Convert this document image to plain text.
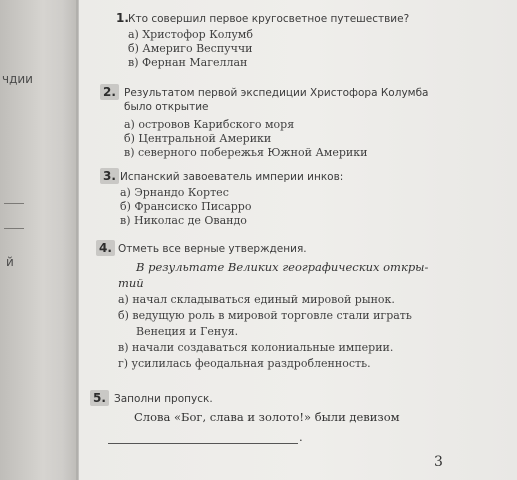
чдии
й
1. Кто совершил первое кругосветное путешествие?
а) Христофор Колумб
б) Америго Веспуччи
в) Фернан Магеллан
2. Результатом первой экспедиции Христофора Колумба
было открытие
а) островов Карибского моря
б) Центральной Америки
в) северного побережья Южной Америки
3. Испанский завоеватель империи инков:
а) Эрнандо Кортес
б) Франсиско Писарро
в) Николас де Овандо
4. Отметь все верные утверждения.
В результате Великих географических откры-
тий
а) начал складываться единый мировой рынок.
б) ведущую роль в мировой торговле стали играть
Венеция и Генуя.
в) начали создаваться колониальные империи.
г) усилилась феодальная раздробленность.
5. Заполни пропуск.
Слова «Бог, слава и золото!» были девизом
.
3
